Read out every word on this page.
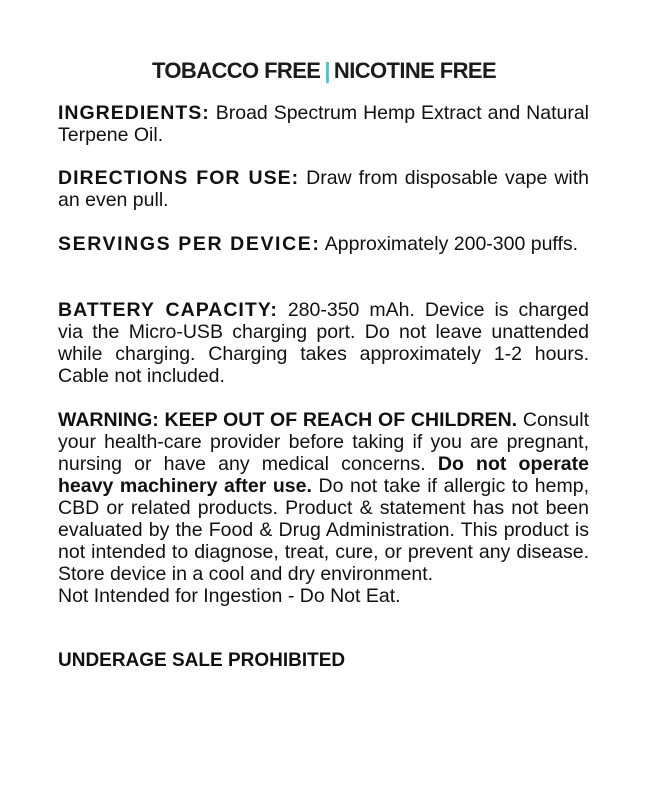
TOBACCO FREE | NICOTINE FREE
INGREDIENTS: Broad Spectrum Hemp Extract and Natural Terpene Oil.
DIRECTIONS FOR USE: Draw from disposable vape with an even pull.
SERVINGS PER DEVICE: Approximately 200-300 puffs.
BATTERY CAPACITY: 280-350 mAh. Device is charged via the Micro-USB charging port. Do not leave unattended while charging. Charging takes approximately 1-2 hours. Cable not included.
WARNING: KEEP OUT OF REACH OF CHILDREN. Consult your health-care provider before taking if you are pregnant, nursing or have any medical concerns. Do not operate heavy machinery after use. Do not take if allergic to hemp, CBD or related products. Product & statement has not been evaluated by the Food & Drug Administration. This product is not intended to diagnose, treat, cure, or prevent any disease. Store device in a cool and dry environment.
Not Intended for Ingestion - Do Not Eat.
UNDERAGE SALE PROHIBITED
